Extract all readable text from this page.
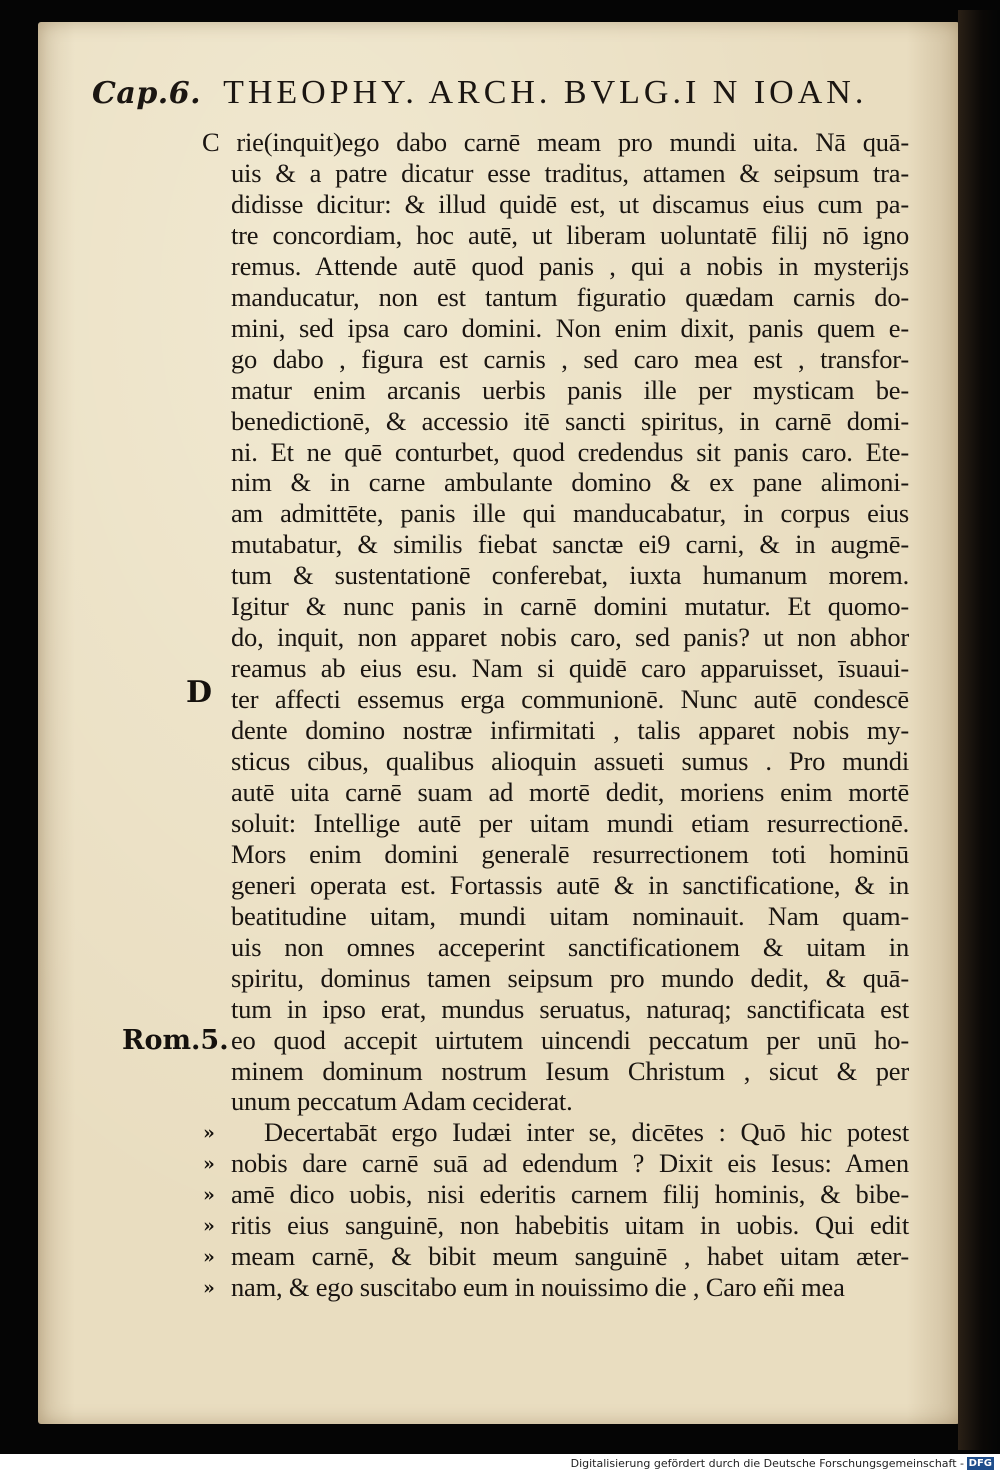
Cap.6. THEOPHY. ARCH. BVLG.I N IOAN.
C rie(inquit)ego dabo carnē meam pro mundi uita. Nā quā-
uis & a patre dicatur esse traditus, attamen & seipsum tra-
didisse dicitur: & illud quidē est, ut discamus eius cum pa-
tre concordiam, hoc autē, ut liberam uoluntatē filij nō igno
remus. Attende autē quod panis , qui a nobis in mysterijs
manducatur, non est tantum figuratio quædam carnis do-
mini, sed ipsa caro domini. Non enim dixit, panis quem e-
go dabo , figura est carnis , sed caro mea est , transfor-
matur enim arcanis uerbis panis ille per mysticam be-
benedictionē, & accessio itē sancti spiritus, in carnē domi-
ni. Et ne quē conturbet, quod credendus sit panis caro. Ete-
nim & in carne ambulante domino & ex pane alimoni-
am admittēte, panis ille qui manducabatur, in corpus eius
mutabatur, & similis fiebat sanctæ ei9 carni, & in augmē-
tum & sustentationē conferebat, iuxta humanum morem.
Igitur & nunc panis in carnē domini mutatur. Et quomo-
do, inquit, non apparet nobis caro, sed panis? ut non abhor
reamus ab eius esu. Nam si quidē caro apparuisset, īsuaui-
ter affecti essemus erga communionē. Nunc autē condescē
dente domino nostræ infirmitati , talis apparet nobis my-
sticus cibus, qualibus alioquin assueti sumus . Pro mundi
autē uita carnē suam ad mortē dedit, moriens enim mortē
soluit: Intellige autē per uitam mundi etiam resurrectionē.
Mors enim domini generalē resurrectionem toti hominū
generi operata est. Fortassis autē & in sanctificatione, & in
beatitudine uitam, mundi uitam nominauit. Nam quam-
uis non omnes acceperint sanctificationem & uitam in
spiritu, dominus tamen seipsum pro mundo dedit, & quā-
tum in ipso erat, mundus seruatus, naturaq; sanctificata est
eo quod accepit uirtutem uincendi peccatum per unū ho-
minem dominum nostrum Iesum Christum , sicut & per
unum peccatum Adam ceciderat.
Decertabāt ergo Iudæi inter se, dicētes : Quō hic potest
nobis dare carnē suā ad edendum ? Dixit eis Iesus: Amen
amē dico uobis, nisi ederitis carnem filij hominis, & bibe-
ritis eius sanguinē, non habebitis uitam in uobis. Qui edit
meam carnē, & bibit meum sanguinē , habet uitam æter-
nam, & ego suscitabo eum in nouissimo die , Caro eñi mea
D
Rom.5.
»
»
»
»
»
»
Digitalisierung gefördert durch die Deutsche Forschungsgemeinschaft - DFG
